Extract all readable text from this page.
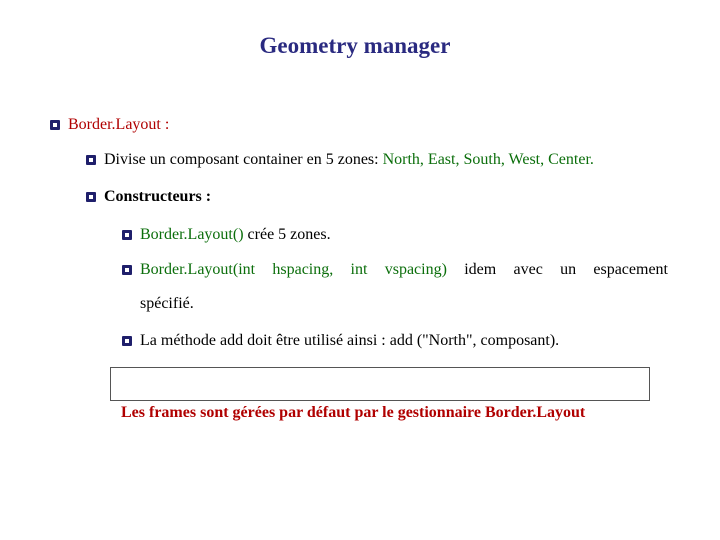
Geometry manager
Border.Layout :
Divise un composant container en 5 zones: North, East, South, West, Center.
Constructeurs :
Border.Layout() crée 5 zones.
Border.Layout(int hspacing, int vspacing) idem avec un espacement
spécifié.
La méthode add doit être utilisé ainsi : add ("North", composant).
Les frames sont gérées par défaut par le gestionnaire Border.Layout
